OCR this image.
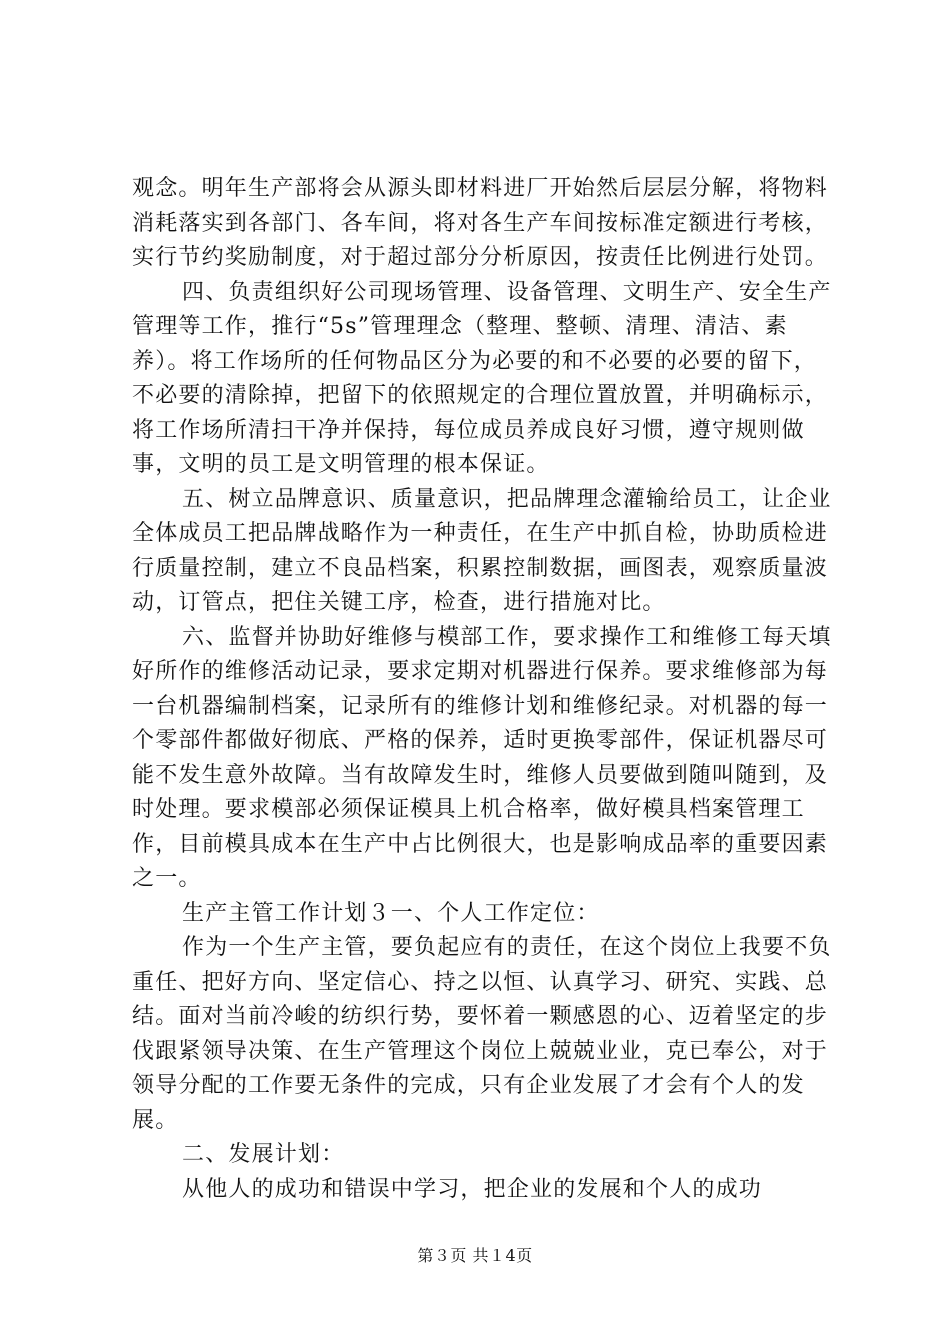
观念。明年生产部将会从源头即材料进厂开始然后层层分解，将物料消耗落实到各部门、各车间，将对各生产车间按标准定额进行考核，实行节约奖励制度，对于超过部分分析原因，按责任比例进行处罚。

四、负责组织好公司现场管理、设备管理、文明生产、安全生产管理等工作，推行“5s”管理理念（整理、整顿、清理、清洁、素养）。将工作场所的任何物品区分为必要的和不必要的必要的留下，不必要的清除掉，把留下的依照规定的合理位置放置，并明确标示，将工作场所清扫干净并保持，每位成员养成良好习惯，遵守规则做事，文明的员工是文明管理的根本保证。

五、树立品牌意识、质量意识，把品牌理念灌输给员工，让企业全体成员工把品牌战略作为一种责任，在生产中抓自检，协助质检进行质量控制，建立不良品档案，积累控制数据，画图表，观察质量波动，订管点，把住关键工序，检查，进行措施对比。

六、监督并协助好维修与模部工作，要求操作工和维修工每天填好所作的维修活动记录，要求定期对机器进行保养。要求维修部为每一台机器编制档案，记录所有的维修计划和维修纪录。对机器的每一个零部件都做好彻底、严格的保养，适时更换零部件，保证机器尽可能不发生意外故障。当有故障发生时，维修人员要做到随叫随到，及时处理。要求模部必须保证模具上机合格率，做好模具档案管理工作，目前模具成本在生产中占比例很大，也是影响成品率的重要因素之一。

生产主管工作计划３一、个人工作定位：

作为一个生产主管，要负起应有的责任，在这个岗位上我要不负重任、把好方向、坚定信心、持之以恒、认真学习、研究、实践、总结。面对当前冷峻的纺织行势，要怀着一颗感恩的心、迈着坚定的步伐跟紧领导决策、在生产管理这个岗位上兢兢业业，克已奉公，对于领导分配的工作要无条件的完成，只有企业发展了才会有个人的发展。

二、发展计划：

从他人的成功和错误中学习，把企业的发展和个人的成功

第３页 共１4页
